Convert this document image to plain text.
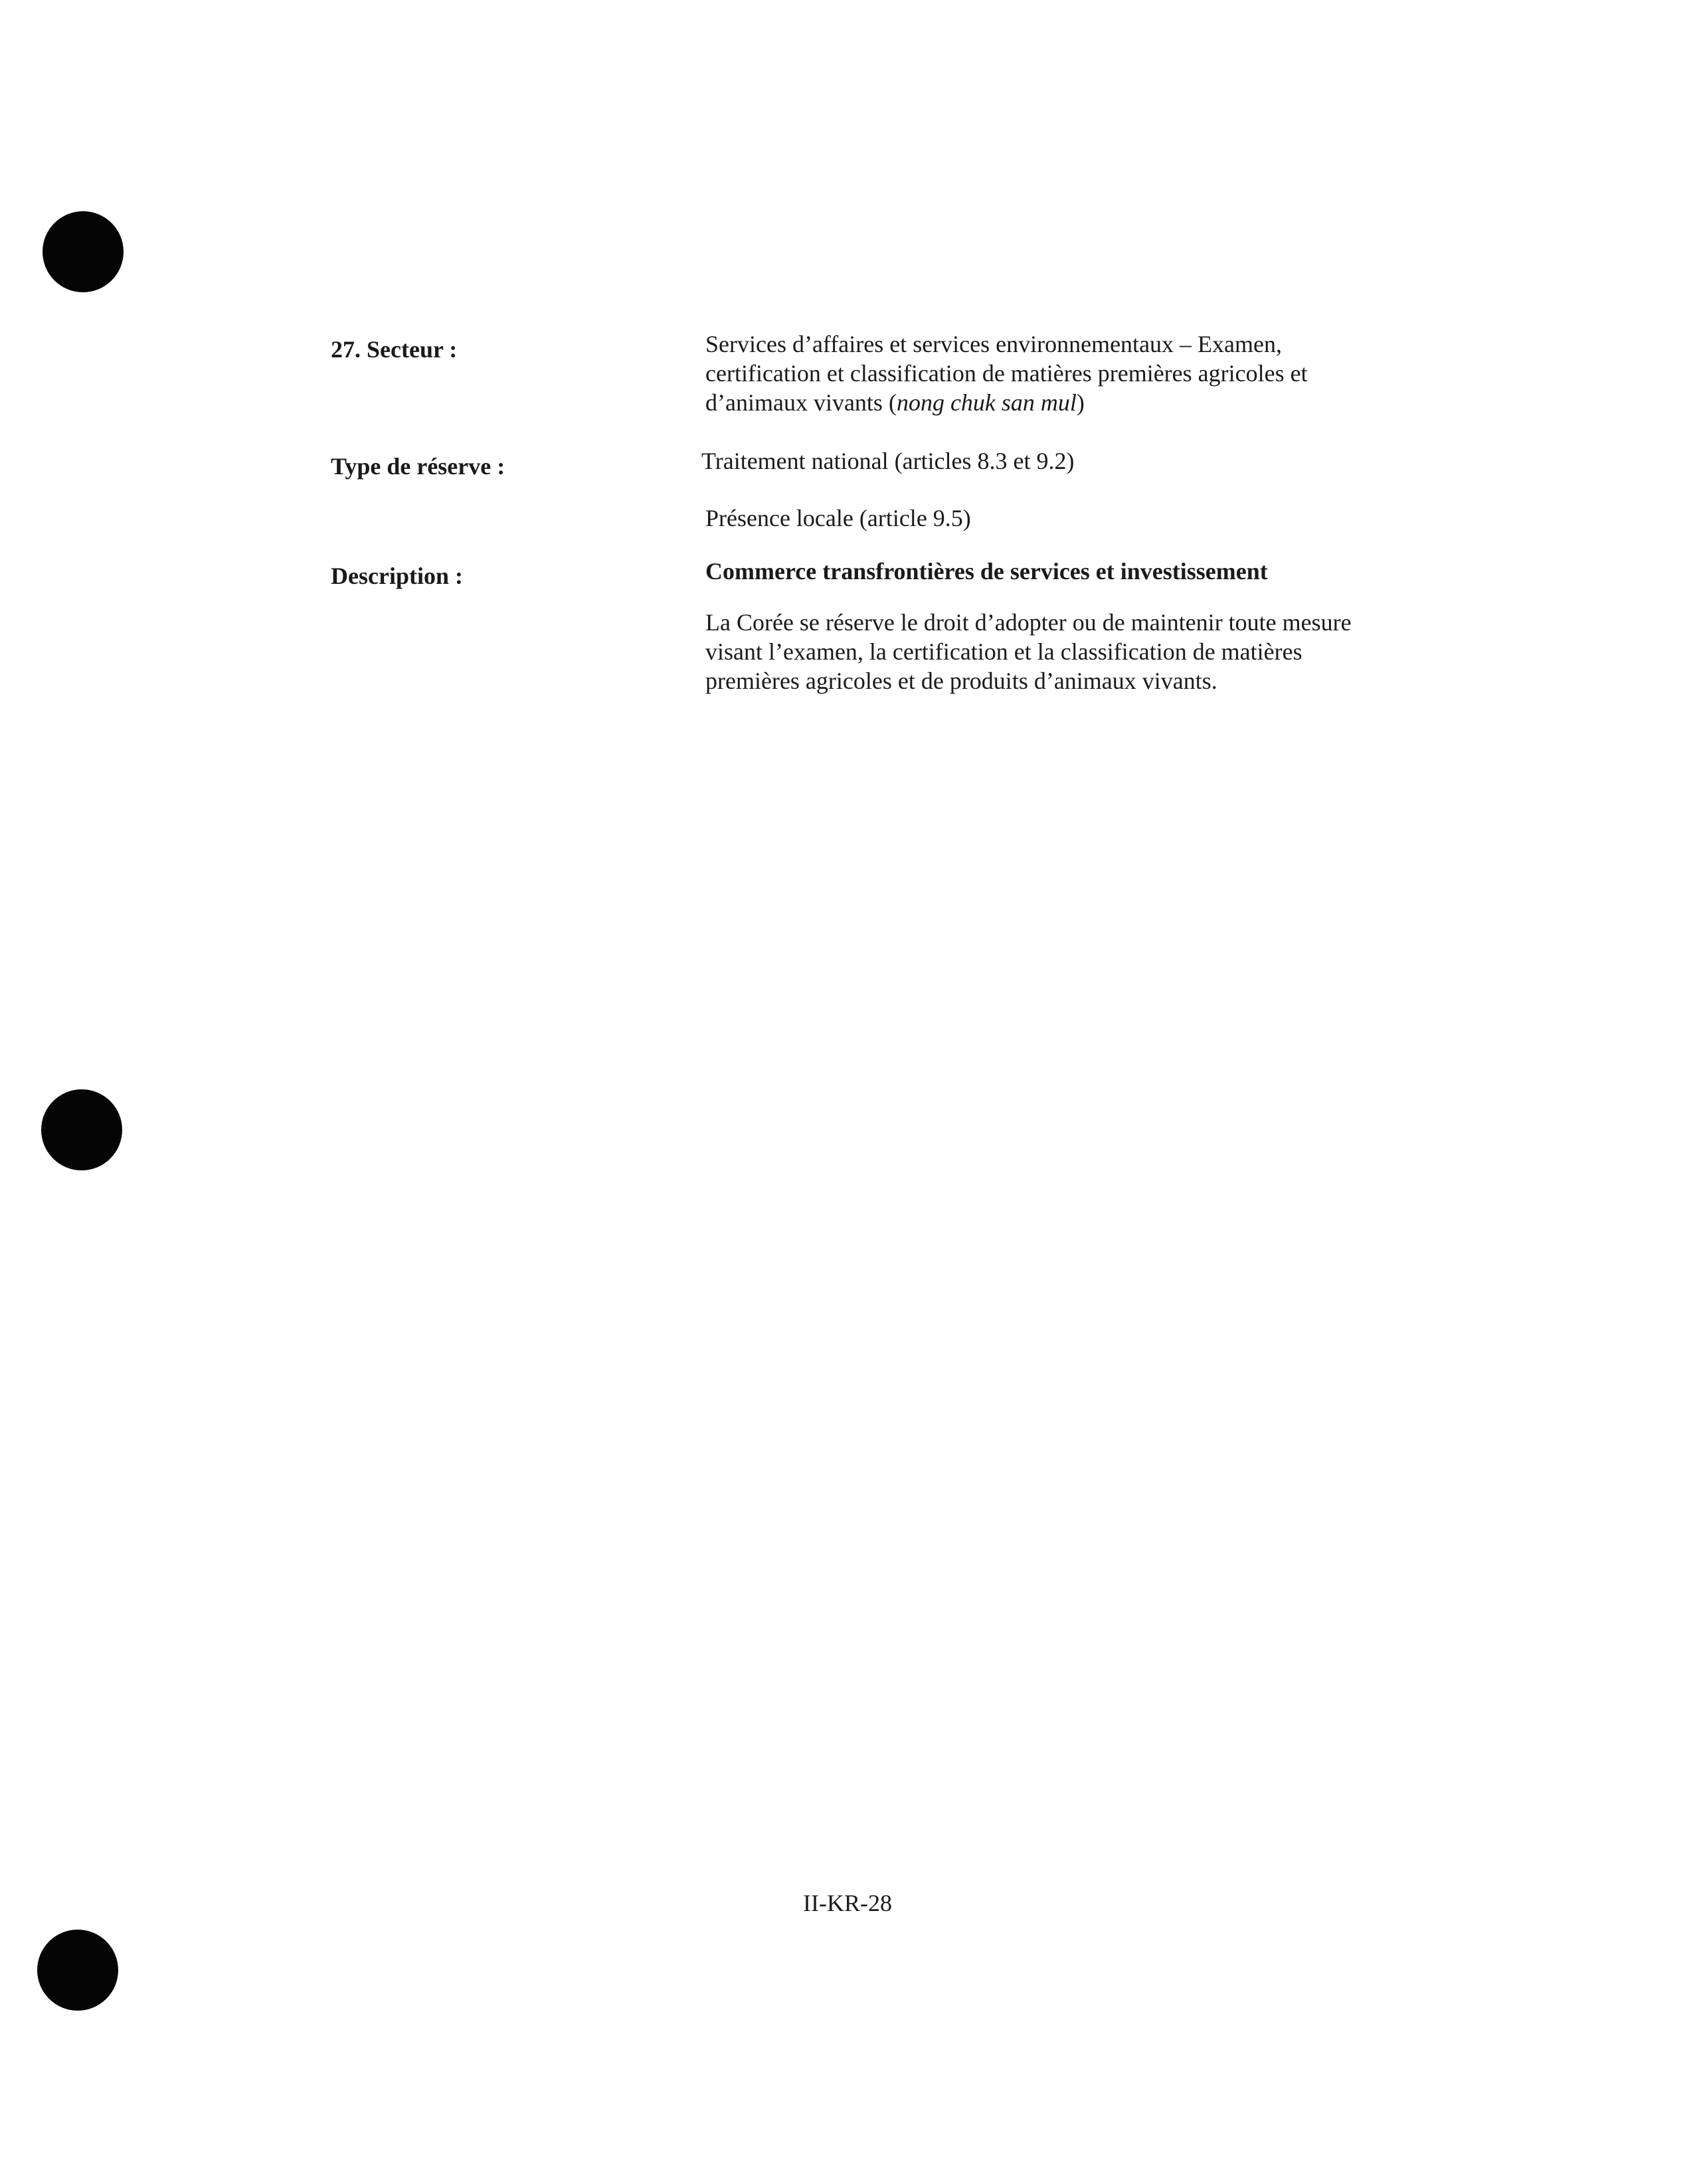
27. Secteur :	Services d’affaires et services environnementaux – Examen, certification et classification de matières premières agricoles et d’animaux vivants (nong chuk san mul)
Type de réserve :	Traitement national (articles 8.3 et 9.2)
Présence locale (article 9.5)
Description :	Commerce transfrontières de services et investissement
La Corée se réserve le droit d’adopter ou de maintenir toute mesure visant l’examen, la certification et la classification de matières premières agricoles et de produits d’animaux vivants.
II-KR-28
